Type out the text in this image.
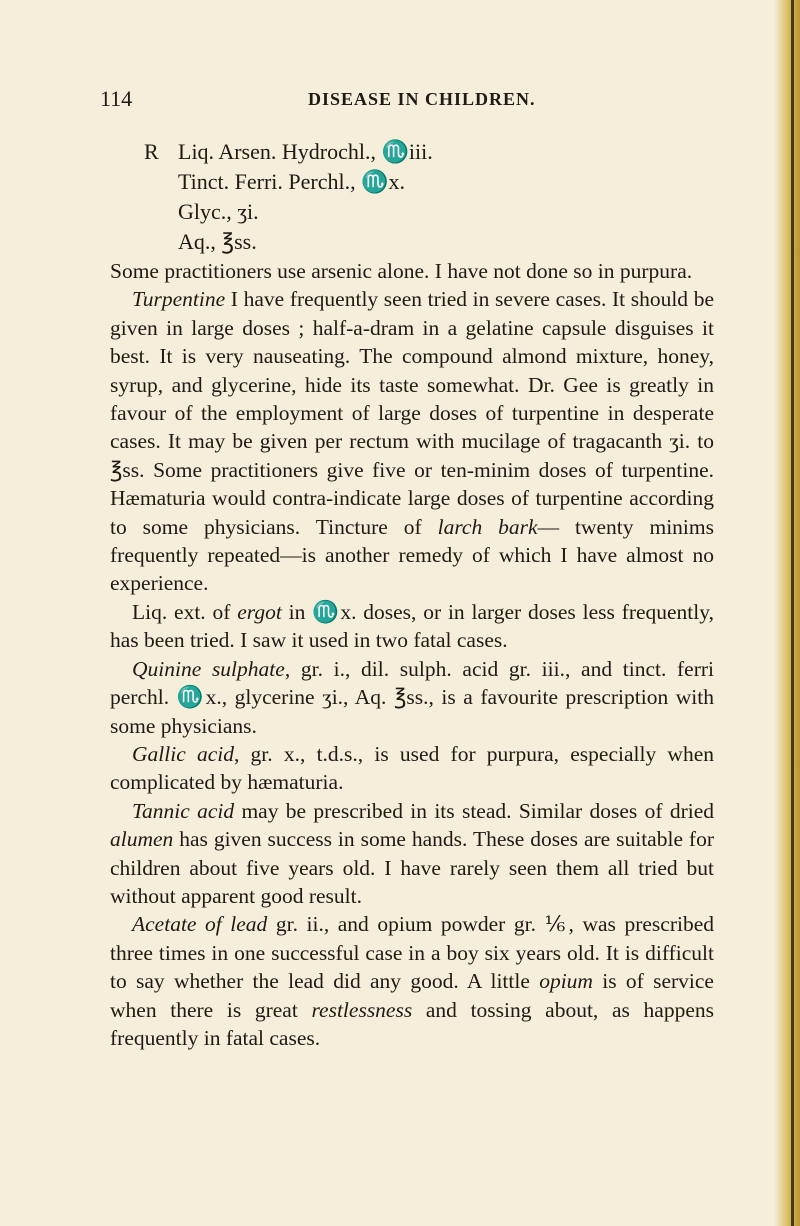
114	DISEASE IN CHILDREN.
R Liq. Arsen. Hydrochl., ♏iii.
Tinct. Ferri. Perchl., ♏x.
Glyc., ʒi.
Aq., ℥ss.

Some practitioners use arsenic alone. I have not done so in purpura.

Turpentine I have frequently seen tried in severe cases. It should be given in large doses ; half-a-dram in a gelatine capsule disguises it best. It is very nauseating. The compound almond mixture, honey, syrup, and glycerine, hide its taste somewhat. Dr. Gee is greatly in favour of the employment of large doses of turpentine in desperate cases. It may be given per rectum with mucilage of tragacanth ʒi. to ℥ss. Some practitioners give five or ten-minim doses of turpentine. Hæmaturia would contra-indicate large doses of turpentine according to some physicians. Tincture of larch bark— twenty minims frequently repeated—is another remedy of which I have almost no experience.

Liq. ext. of ergot in ♏x. doses, or in larger doses less frequently, has been tried. I saw it used in two fatal cases.

Quinine sulphate, gr. i., dil. sulph. acid gr. iii., and tinct. ferri perchl. ♏x., glycerine ʒi., Aq. ℥ss., is a favourite prescription with some physicians.

Gallic acid, gr. x., t.d.s., is used for purpura, especially when complicated by hæmaturia.

Tannic acid may be prescribed in its stead. Similar doses of dried alumen has given success in some hands. These doses are suitable for children about five years old. I have rarely seen them all tried but without apparent good result.

Acetate of lead gr. ii., and opium powder gr. ⅙, was prescribed three times in one successful case in a boy six years old. It is difficult to say whether the lead did any good. A little opium is of service when there is great restlessness and tossing about, as happens frequently in fatal cases.
